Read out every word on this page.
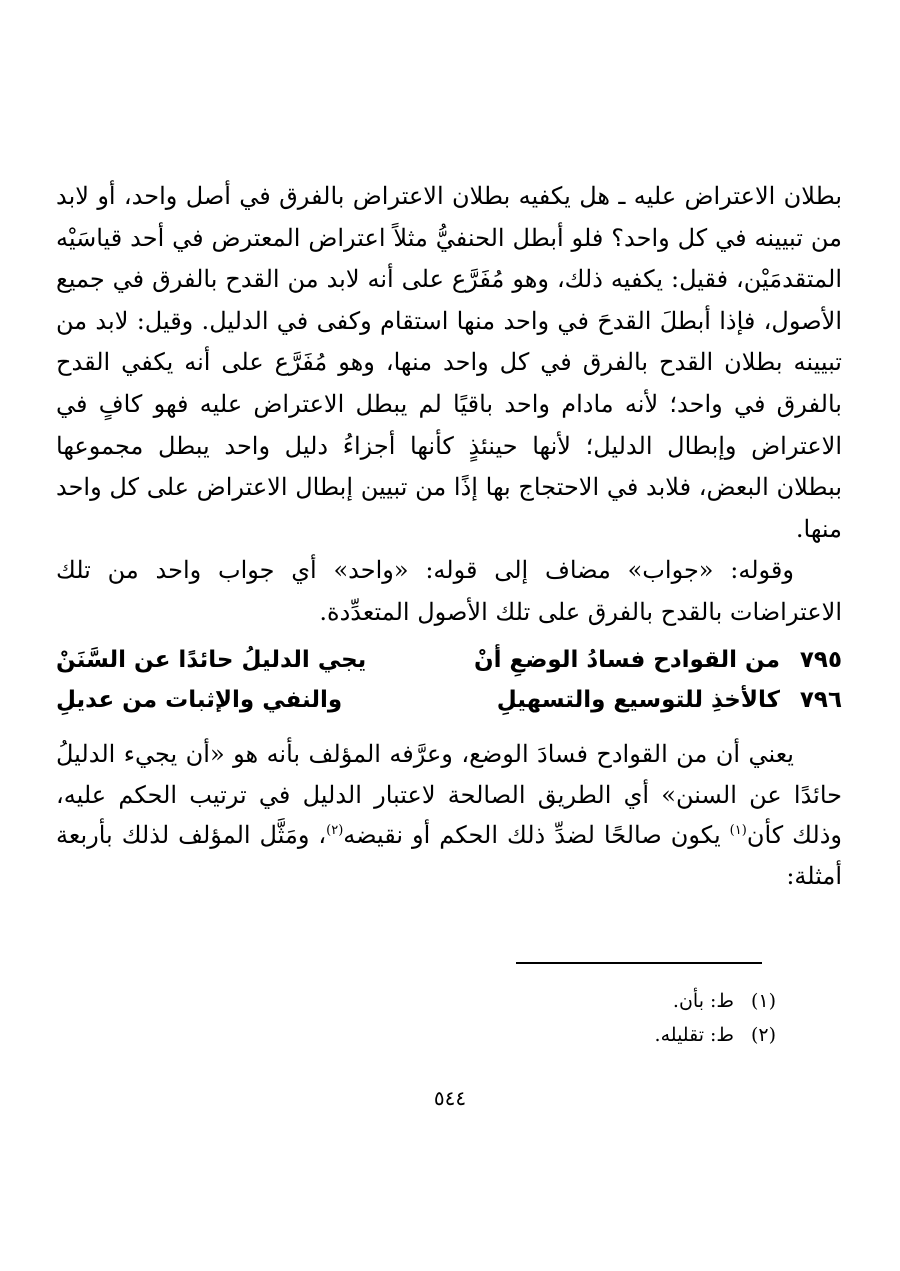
بطلان الاعتراض عليه ـ هل يكفيه بطلان الاعتراض بالفرق في أصل واحد، أو لابد من تبيينه في كل واحد؟ فلو أبطل الحنفيُّ مثلاً اعتراض المعترض في أحد قياسَيْه المتقدمَيْن، فقيل: يكفيه ذلك، وهو مُفَرَّع على أنه لابد من القدح بالفرق في جميع الأصول، فإذا أبطلَ القدحَ في واحد منها استقام وكفى في الدليل. وقيل: لابد من تبيينه بطلان القدح بالفرق في كل واحد منها، وهو مُفَرَّع على أنه يكفي القدح بالفرق في واحد؛ لأنه مادام واحد باقيًا لم يبطل الاعتراض عليه فهو كافٍ في الاعتراض وإبطال الدليل؛ لأنها حينئذٍ كأنها أجزاءُ دليل واحد يبطل مجموعها ببطلان البعض، فلابد في الاحتجاج بها إذًا من تبيين إبطال الاعتراض على كل واحد منها.

وقوله: «جواب» مضاف إلى قوله: «واحد» أي جواب واحد من تلك الاعتراضات بالقدح بالفرق على تلك الأصول المتعدِّدة.

٧٩٥
من القوادح فسادُ الوضعِ أنْ
يجي الدليلُ حائدًا عن السَّنَنْ
٧٩٦
كالأخذِ للتوسيع والتسهيلِ
والنفي والإثبات من عديلِ

يعني أن من القوادح فسادَ الوضع، وعرَّفه المؤلف بأنه هو «أن يجيء الدليلُ حائدًا عن السنن» أي الطريق الصالحة لاعتبار الدليل في ترتيب الحكم عليه، وذلك كأن$^{(١)}$ يكون صالحًا لضدِّ ذلك الحكم أو نقيضه$^{(٢)}$، ومَثَّل المؤلف لذلك بأربعة أمثلة:

(١)
ط: بأن.
(٢)
ط: تقليله.
٥٤٤
